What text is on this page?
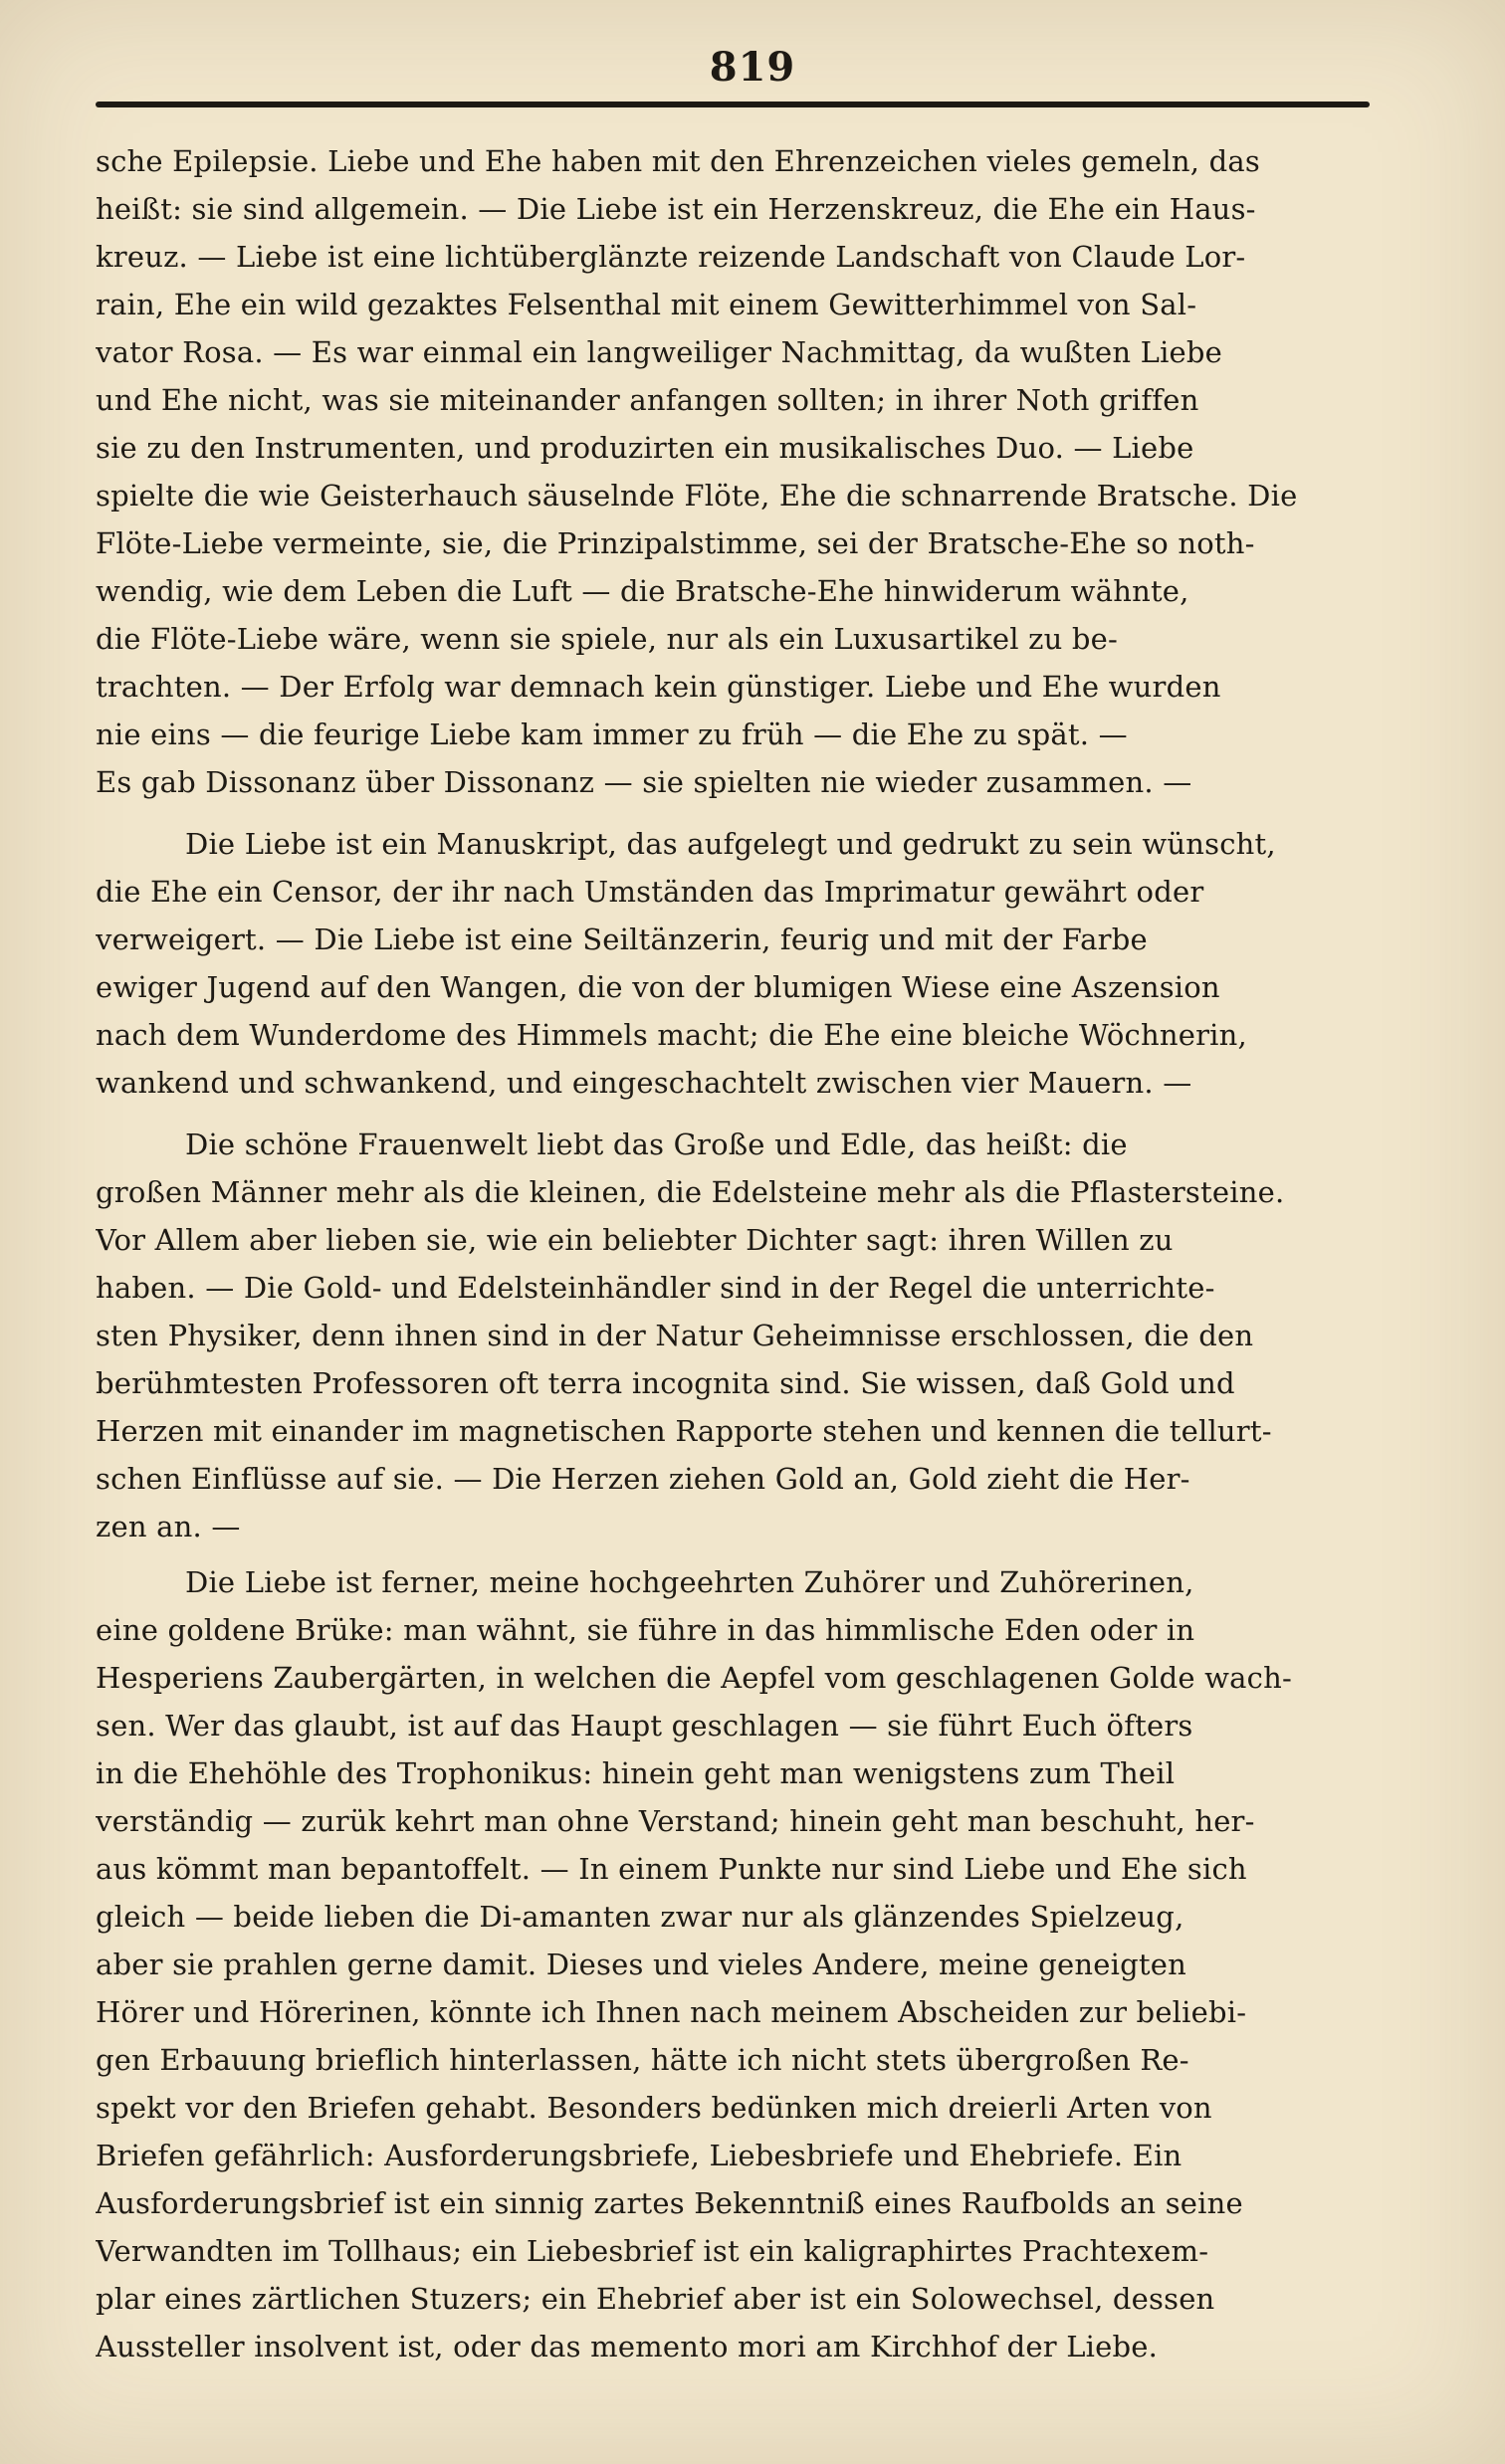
819
sche Epilepsie. Liebe und Ehe haben mit den Ehrenzeichen vieles gemeln, das
heißt: sie sind allgemein. — Die Liebe ist ein Herzenskreuz, die Ehe ein Haus-
kreuz. — Liebe ist eine lichtüberglänzte reizende Landschaft von Claude Lor-
rain, Ehe ein wild gezaktes Felsenthal mit einem Gewitterhimmel von Sal-
vator Rosa. — Es war einmal ein langweiliger Nachmittag, da wußten Liebe
und Ehe nicht, was sie miteinander anfangen sollten; in ihrer Noth griffen
sie zu den Instrumenten, und produzirten ein musikalisches Duo. — Liebe
spielte die wie Geisterhauch säuselnde Flöte, Ehe die schnarrende Bratsche. Die
Flöte-Liebe vermeinte, sie, die Prinzipalstimme, sei der Bratsche-Ehe so noth-
wendig, wie dem Leben die Luft — die Bratsche-Ehe hinwiderum wähnte,
die Flöte-Liebe wäre, wenn sie spiele, nur als ein Luxusartikel zu be-
trachten. — Der Erfolg war demnach kein günstiger. Liebe und Ehe wurden
nie eins — die feurige Liebe kam immer zu früh — die Ehe zu spät. —
Es gab Dissonanz über Dissonanz — sie spielten nie wieder zusammen. —
Die Liebe ist ein Manuskript, das aufgelegt und gedrukt zu sein wünscht,
die Ehe ein Censor, der ihr nach Umständen das Imprimatur gewährt oder
verweigert. — Die Liebe ist eine Seiltänzerin, feurig und mit der Farbe
ewiger Jugend auf den Wangen, die von der blumigen Wiese eine Aszension
nach dem Wunderdome des Himmels macht; die Ehe eine bleiche Wöchnerin,
wankend und schwankend, und eingeschachtelt zwischen vier Mauern. —
Die schöne Frauenwelt liebt das Große und Edle, das heißt: die
großen Männer mehr als die kleinen, die Edelsteine mehr als die Pflastersteine.
Vor Allem aber lieben sie, wie ein beliebter Dichter sagt: ihren Willen zu
haben. — Die Gold- und Edelsteinhändler sind in der Regel die unterrichte-
sten Physiker, denn ihnen sind in der Natur Geheimnisse erschlossen, die den
berühmtesten Professoren oft terra incognita sind. Sie wissen, daß Gold und
Herzen mit einander im magnetischen Rapporte stehen und kennen die tellurt-
schen Einflüsse auf sie. — Die Herzen ziehen Gold an, Gold zieht die Her-
zen an. —
Die Liebe ist ferner, meine hochgeehrten Zuhörer und Zuhörerinen,
eine goldene Brüke: man wähnt, sie führe in das himmlische Eden oder in
Hesperiens Zaubergärten, in welchen die Aepfel vom geschlagenen Golde wach-
sen. Wer das glaubt, ist auf das Haupt geschlagen — sie führt Euch öfters
in die Ehehöhle des Trophonikus: hinein geht man wenigstens zum Theil
verständig — zurük kehrt man ohne Verstand; hinein geht man beschuht, her-
aus kömmt man bepantoffelt. — In einem Punkte nur sind Liebe und Ehe sich
gleich — beide lieben die Di-amanten zwar nur als glänzendes Spielzeug,
aber sie prahlen gerne damit. Dieses und vieles Andere, meine geneigten
Hörer und Hörerinen, könnte ich Ihnen nach meinem Abscheiden zur beliebi-
gen Erbauung brieflich hinterlassen, hätte ich nicht stets übergroßen Re-
spekt vor den Briefen gehabt. Besonders bedünken mich dreierli Arten von
Briefen gefährlich: Ausforderungsbriefe, Liebesbriefe und Ehebriefe. Ein
Ausforderungsbrief ist ein sinnig zartes Bekenntniß eines Raufbolds an seine
Verwandten im Tollhaus; ein Liebesbrief ist ein kaligraphirtes Prachtexem-
plar eines zärtlichen Stuzers; ein Ehebrief aber ist ein Solowechsel, dessen
Aussteller insolvent ist, oder das memento mori am Kirchhof der Liebe.
